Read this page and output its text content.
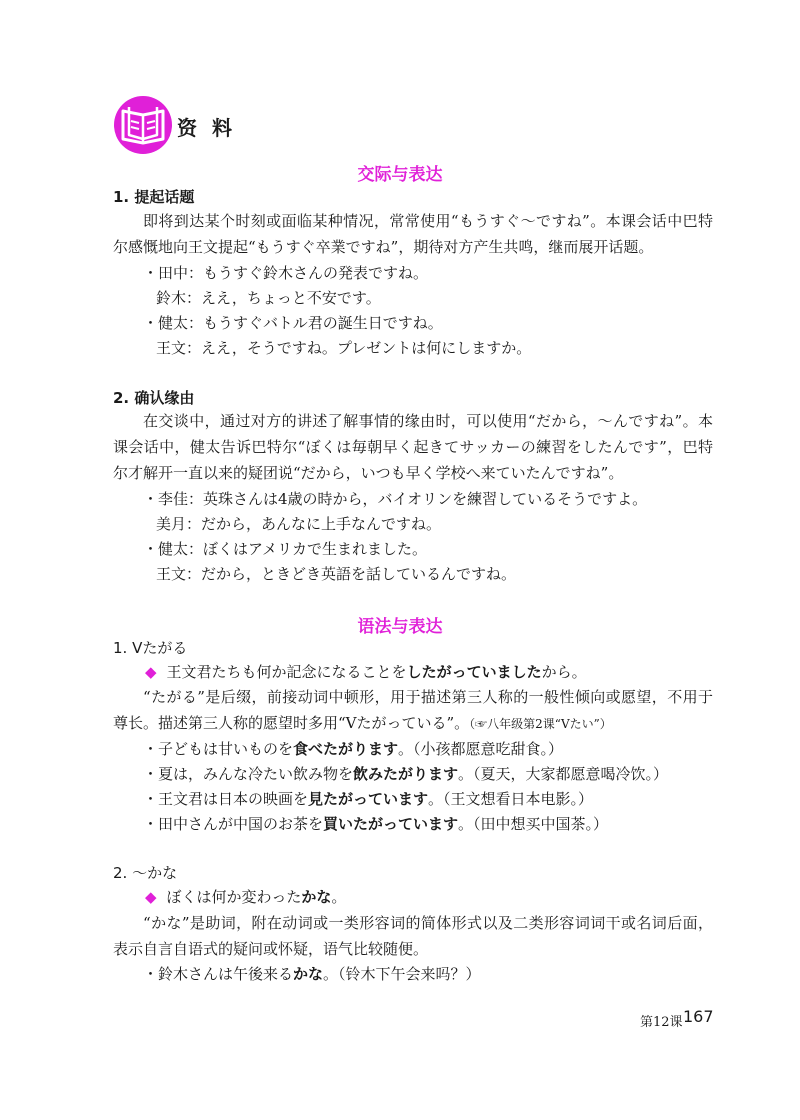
资 料
交际与表达
1. 提起话题
即将到达某个时刻或面临某种情况，常常使用“もうすぐ〜ですね”。本课会话中巴特尔感慨地向王文提起“もうすぐ卒業ですね”，期待对方产生共鸣，继而展开话题。
・田中：もうすぐ鈴木さんの発表ですね。
鈴木：ええ，ちょっと不安です。
・健太：もうすぐバトル君の誕生日ですね。
王文：ええ，そうですね。プレゼントは何にしますか。
2. 确认缘由
在交谈中，通过对方的讲述了解事情的缘由时，可以使用“だから，〜んですね”。本课会话中，健太告诉巴特尔“ぼくは毎朝早く起きてサッカーの練習をしたんです”，巴特尔才解开一直以来的疑团说“だから，いつも早く学校へ来ていたんですね”。
・李佳：英珠さんは4歳の時から，バイオリンを練習しているそうですよ。
美月：だから，あんなに上手なんですね。
・健太：ぼくはアメリカで生まれました。
王文：だから，ときどき英語を話しているんですね。
语法与表达
1. Vたがる
◆ 王文君たちも何か記念になることをしたがっていましたから。
“たがる”是后缀，前接动词中顿形，用于描述第三人称的一般性倾向或愿望，不用于尊长。描述第三人称的愿望时多用“Vたがっている”。（☞八年级第2课“Vたい”）
・子どもは甘いものを食べたがります。（小孩都愿意吃甜食。）
・夏は，みんな冷たい飲み物を飲みたがります。（夏天，大家都愿意喝冷饮。）
・王文君は日本の映画を見たがっています。（王文想看日本电影。）
・田中さんが中国のお茶を買いたがっています。（田中想买中国茶。）
2. 〜かな
◆ ぼくは何か変わったかな。
“かな”是助词，附在动词或一类形容词的简体形式以及二类形容词词干或名词后面，表示自言自语式的疑问或怀疑，语气比较随便。
・鈴木さんは午後来るかな。（铃木下午会来吗？）
第12课 167
